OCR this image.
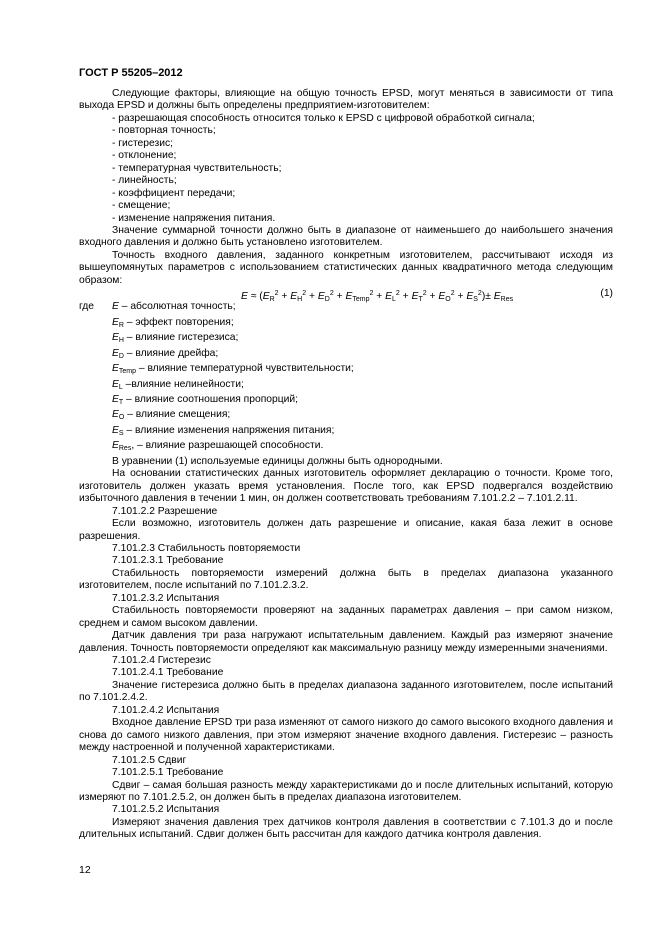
ГОСТ Р 55205–2012

Следующие факторы, влияющие на общую точность EPSD, могут меняться в зависимости от типа выхода EPSD и должны быть определены предприятием-изготовителем:

- разрешающая способность относится только к EPSD с цифровой обработкой сигнала;
- повторная точность;
- гистерезис;
- отклонение;
- температурная чувствительность;
- линейность;
- коэффициент передачи;
- смещение;
- изменение напряжения питания.

Значение суммарной точности должно быть в диапазоне от наименьшего до наибольшего значения входного давления и должно быть установлено изготовителем.

Точность входного давления, заданного конкретным изготовителем, рассчитывают исходя из вышеупомянутых параметров с использованием статистических данных квадратичного метода следующим образом:

$E \approx (E_R^2 + E_H^2 + E_D^2 + E_{Temp}^2 + E_L^2 + E_T^2 + E_O^2 + E_S^2)\pm E_{Res}$
(1)
где E – абсолютная точность;
$E_R$ – эффект повторения;
$E_H$ – влияние гистерезиса;
$E_D$ – влияние дрейфа;
$E_{Temp}$ – влияние температурной чувствительности;
$E_L$ –влияние нелинейности;
$E_T$ – влияние соотношения пропорций;
$E_O$ – влияние смещения;
$E_S$ – влияние изменения напряжения питания;
$E_{Res}$, – влияние разрешающей способности.

В уравнении (1) используемые единицы должны быть однородными.

На основании статистических данных изготовитель оформляет декларацию о точности. Кроме того, изготовитель должен указать время установления. После того, как EPSD подвергался воздействию избыточного давления в течении 1 мин, он должен соответствовать требованиям 7.101.2.2 – 7.101.2.11.

7.101.2.2 Разрешение

Если возможно, изготовитель должен дать разрешение и описание, какая база лежит в основе разрешения.

7.101.2.3 Стабильность повторяемости
7.101.2.3.1 Требование

Стабильность повторяемости измерений должна быть в пределах диапазона указанного изготовителем, после испытаний по 7.101.2.3.2.

7.101.2.3.2 Испытания

Стабильность повторяемости проверяют на заданных параметрах давления – при самом низком, среднем и самом высоком давлении.

Датчик давления три раза нагружают испытательным давлением. Каждый раз измеряют значение давления. Точность повторяемости определяют как максимальную разницу между измеренными значениями.

7.101.2.4 Гистерезис
7.101.2.4.1 Требование

Значение гистерезиса должно быть в пределах диапазона заданного изготовителем, после испытаний по 7.101.2.4.2.

7.101.2.4.2 Испытания

Входное давление EPSD три раза изменяют от самого низкого до самого высокого входного давления и снова до самого низкого давления, при этом измеряют значение входного давления. Гистерезис – разность между настроенной и полученной характеристиками.

7.101.2.5 Сдвиг
7.101.2.5.1 Требование

Сдвиг – самая большая разность между характеристиками до и после длительных испытаний, которую измеряют по 7.101.2.5.2, он должен быть в пределах диапазона изготовителем.

7.101.2.5.2 Испытания

Измеряют значения давления трех датчиков контроля давления в соответствии с 7.101.3 до и после длительных испытаний. Сдвиг должен быть рассчитан для каждого датчика контроля давления.

12
